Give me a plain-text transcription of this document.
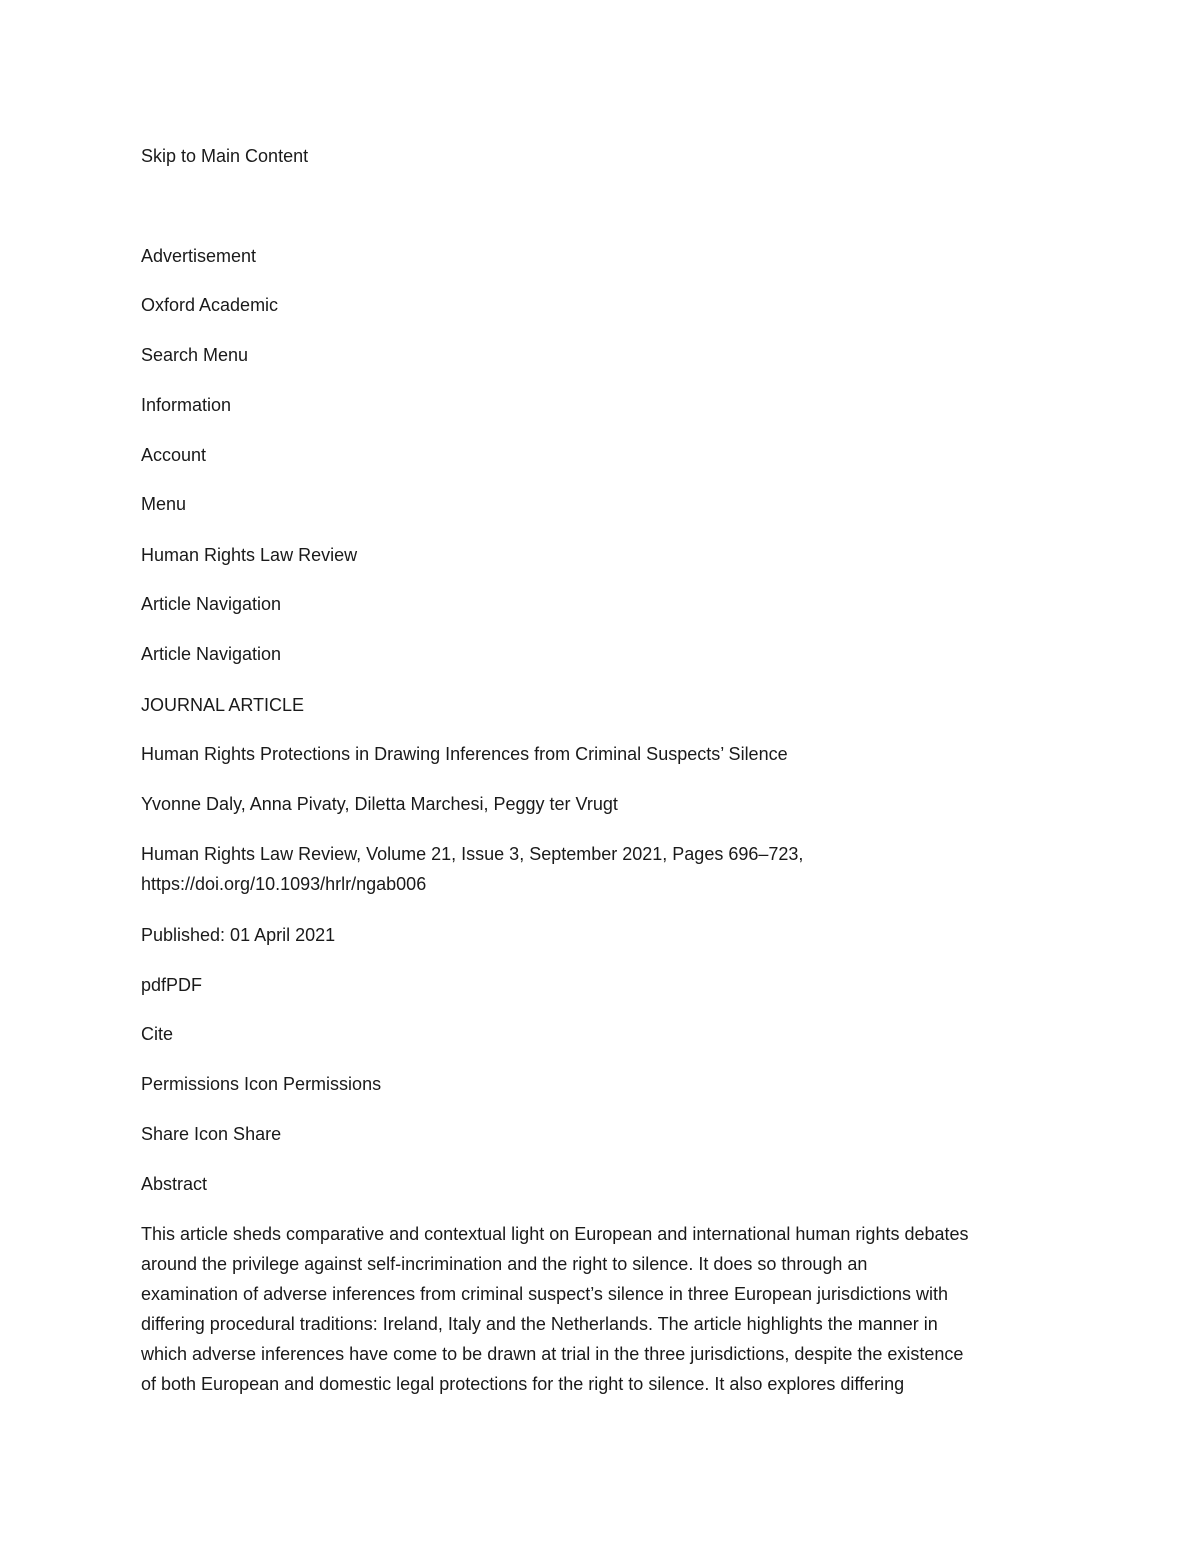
Skip to Main Content
Advertisement
Oxford Academic
Search Menu
Information
Account
Menu
Human Rights Law Review
Article Navigation
Article Navigation
JOURNAL ARTICLE
Human Rights Protections in Drawing Inferences from Criminal Suspects’ Silence
Yvonne Daly, Anna Pivaty, Diletta Marchesi, Peggy ter Vrugt
Human Rights Law Review, Volume 21, Issue 3, September 2021, Pages 696–723,
https://doi.org/10.1093/hrlr/ngab006
Published: 01 April 2021
pdfPDF
Cite
Permissions Icon Permissions
Share Icon Share
Abstract
This article sheds comparative and contextual light on European and international human rights debates
around the privilege against self-incrimination and the right to silence. It does so through an
examination of adverse inferences from criminal suspect’s silence in three European jurisdictions with
differing procedural traditions: Ireland, Italy and the Netherlands. The article highlights the manner in
which adverse inferences have come to be drawn at trial in the three jurisdictions, despite the existence
of both European and domestic legal protections for the right to silence. It also explores differing
